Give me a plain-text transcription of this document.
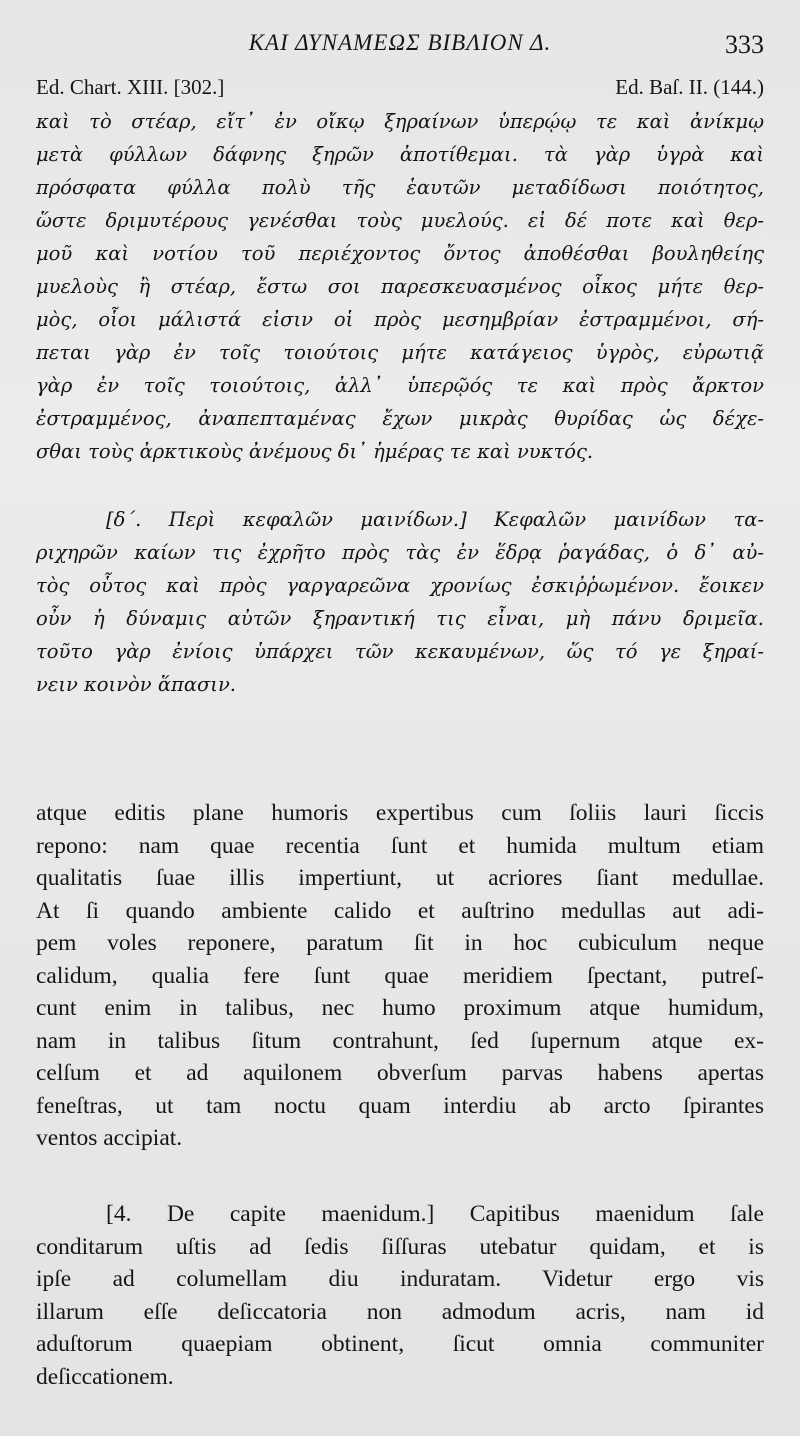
ΚΑΙ ΔΥΝΑΜΕΩΣ ΒΙΒΛΙΟΝ Δ.	333
Ed. Chart. XIII. [302.]	Ed. Baſ. II. (144.)
καὶ τὸ στέαρ, εἴτ᾽ ἐν οἴκῳ ξηραίνων ὑπερῴῳ τε καὶ ἀνίκμῳ
μετὰ φύλλων δάφνης ξηρῶν ἀποτίθεμαι. τὰ γὰρ ὑγρὰ καὶ
πρόσφατα φύλλα πολὺ τῆς ἑαυτῶν μεταδίδωσι ποιότητος,
ὥστε δριμυτέρους γενέσθαι τοὺς μυελούς. εἰ δέ ποτε καὶ θερ-
μοῦ καὶ νοτίου τοῦ περιέχοντος ὄντος ἀποθέσθαι βουληθείης
μυελοὺς ἢ στέαρ, ἔστω σοι παρεσκευασμένος οἶκος μήτε θερ-
μὸς, οἷοι μάλιστά εἰσιν οἱ πρὸς μεσημβρίαν ἐστραμμένοι, σή-
πεται γὰρ ἐν τοῖς τοιούτοις μήτε κατάγειος ὑγρὸς, εὐρωτιᾷ
γὰρ ἐν τοῖς τοιούτοις, ἀλλ᾽ ὑπερῷός τε καὶ πρὸς ἄρκτον
ἐστραμμένος, ἀναπεπταμένας ἔχων μικρὰς θυρίδας ὡς δέχε-
σθαι τοὺς ἀρκτικοὺς ἀνέμους δι᾽ ἡμέρας τε καὶ νυκτός.
[δ΄. Περὶ κεφαλῶν μαινίδων.] Κεφαλῶν μαινίδων τα-
ριχηρῶν καίων τις ἐχρῆτο πρὸς τὰς ἐν ἕδρᾳ ῥαγάδας, ὁ δ᾽ αὐ-
τὸς οὗτος καὶ πρὸς γαργαρεῶνα χρονίως ἐσκιῤῥωμένον. ἔοικεν
οὖν ἡ δύναμις αὐτῶν ξηραντική τις εἶναι, μὴ πάνυ δριμεῖα.
τοῦτο γὰρ ἐνίοις ὑπάρχει τῶν κεκαυμένων, ὥς τό γε ξηραί-
νειν κοινὸν ἅπασιν.
atque editis plane humoris expertibus cum ſoliis lauri ſiccis
repono: nam quae recentia ſunt et humida multum etiam
qualitatis ſuae illis impertiunt, ut acriores ſiant medullae.
At ſi quando ambiente calido et auſtrino medullas aut adi-
pem voles reponere, paratum ſit in hoc cubiculum neque
calidum, qualia fere ſunt quae meridiem ſpectant, putreſ-
cunt enim in talibus, nec humo proximum atque humidum,
nam in talibus ſitum contrahunt, ſed ſupernum atque ex-
celſum et ad aquilonem obverſum parvas habens apertas
feneſtras, ut tam noctu quam interdiu ab arcto ſpirantes
ventos accipiat.
[4. De capite maenidum.] Capitibus maenidum ſale
conditarum uſtis ad ſedis ſiſſuras utebatur quidam, et is
ipſe ad columellam diu induratam. Videtur ergo vis
illarum eſſe deſiccatoria non admodum acris, nam id
aduſtorum quaepiam obtinent, ſicut omnia communiter
deſiccationem.
